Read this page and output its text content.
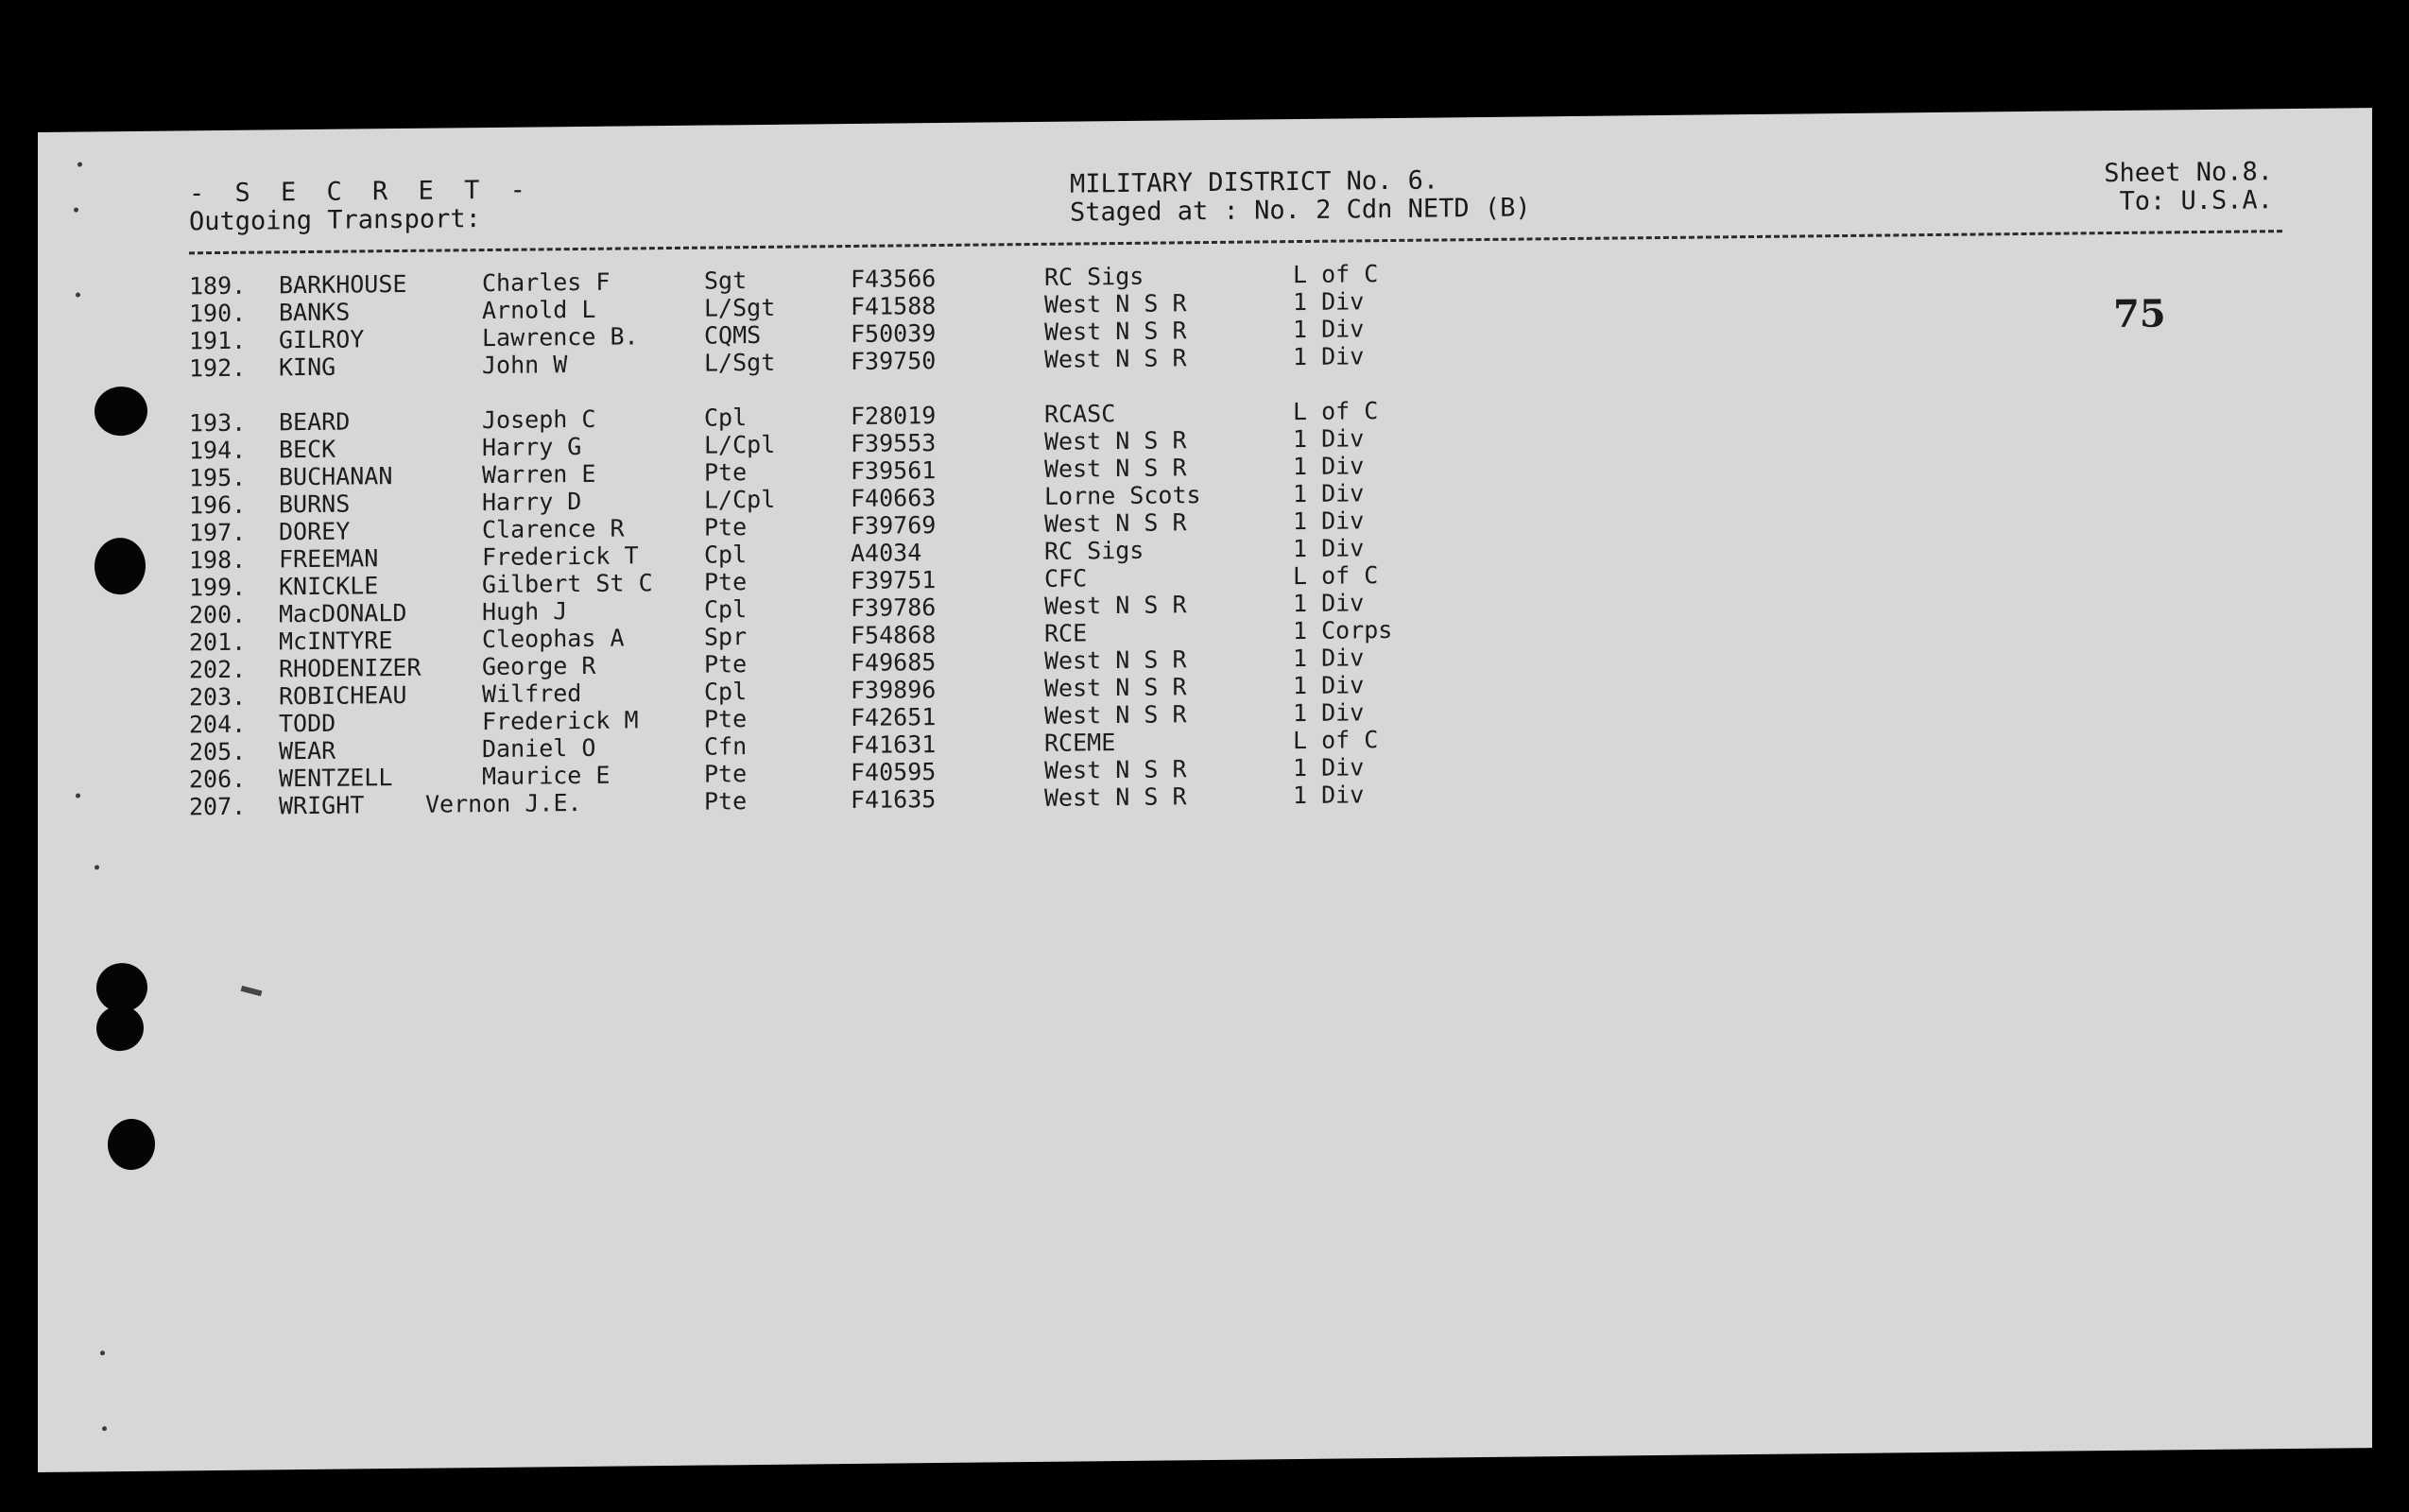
- S E C R E T -
Outgoing Transport:
MILITARY DISTRICT No. 6.
Staged at : No. 2 Cdn NETD (B)
Sheet No.8.
To: U.S.A.
75
189. BARKHOUSE	Charles F	Sgt	F43566	RC Sigs	L of C
190. BANKS	Arnold L	L/Sgt	F41588	West N S R	1 Div
191. GILROY	Lawrence B.	CQMS	F50039	West N S R	1 Div
192. KING	John W	L/Sgt	F39750	West N S R	1 Div
193. BEARD	Joseph C	Cpl	F28019	RCASC	L of C
194. BECK	Harry G	L/Cpl	F39553	West N S R	1 Div
195. BUCHANAN	Warren E	Pte	F39561	West N S R	1 Div
196. BURNS	Harry D	L/Cpl	F40663	Lorne Scots	1 Div
197. DOREY	Clarence R	Pte	F39769	West N S R	1 Div
198. FREEMAN	Frederick T	Cpl	A4034	RC Sigs	1 Div
199. KNICKLE	Gilbert St C Pte	F39751	CFC	L of C
200. MacDONALD	Hugh J	Cpl	F39786	West N S R	1 Div
201. McINTYRE	Cleophas A	Spr	F54868	RCE	1 Corps
202. RHODENIZER	George R	Pte	F49685	West N S R	1 Div
203. ROBICHEAU	Wilfred	Cpl	F39896	West N S R	1 Div
204. TODD	Frederick M	Pte	F42651	West N S R	1 Div
205. WEAR	Daniel O	Cfn	F41631	RCEME	L of C
206. WENTZELL	Maurice E	Pte	F40595	West N S R	1 Div
207. WRIGHT	Vernon J.E.	Pte	F41635	West N S R	1 Div
